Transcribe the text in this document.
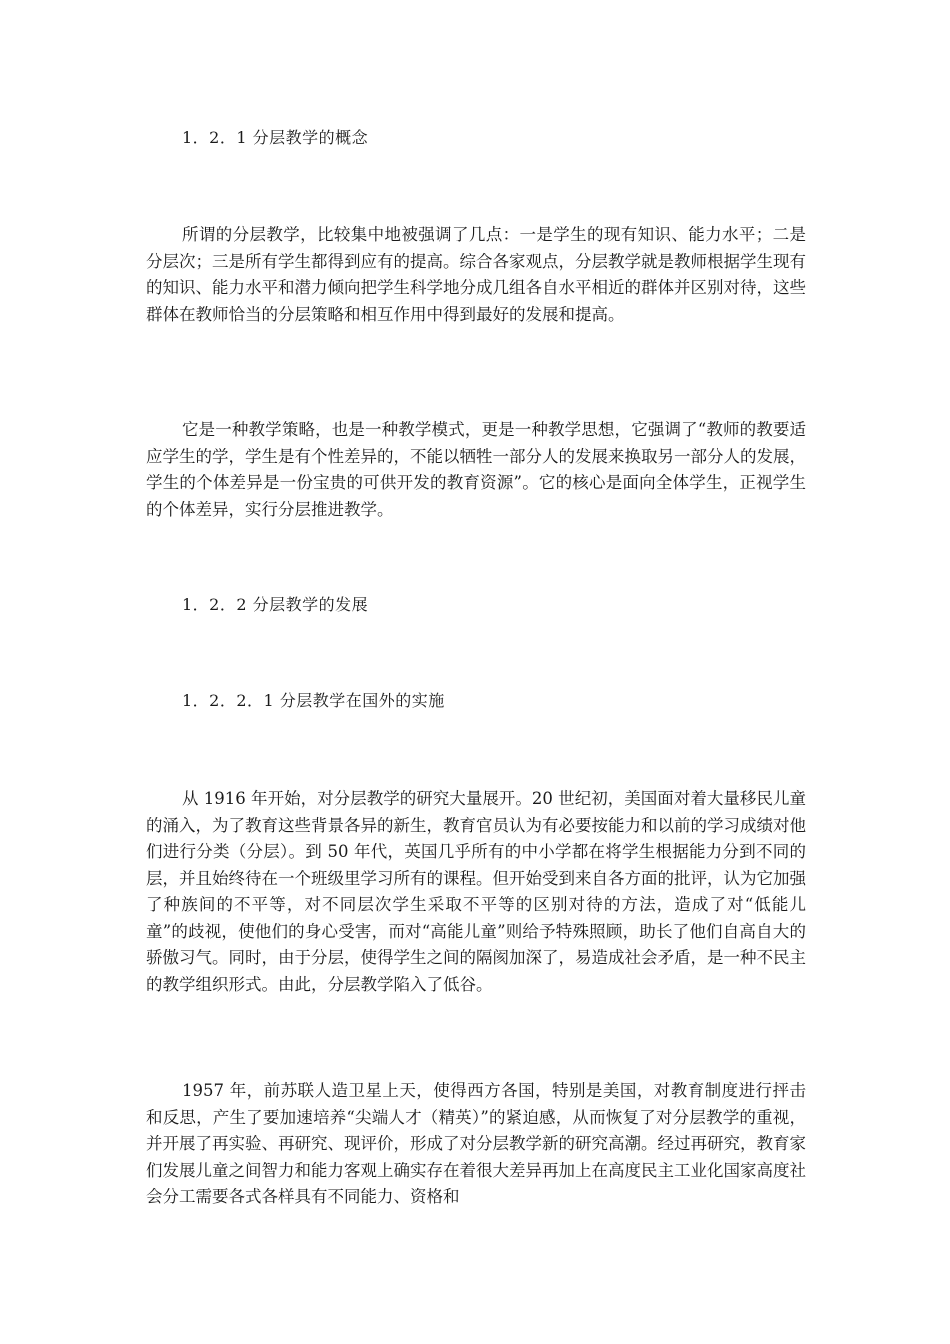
1．2．1 分层教学的概念

所谓的分层教学，比较集中地被强调了几点：一是学生的现有知识、能力水平；二是分层次；三是所有学生都得到应有的提高。综合各家观点，分层教学就是教师根据学生现有的知识、能力水平和潜力倾向把学生科学地分成几组各自水平相近的群体并区别对待，这些群体在教师恰当的分层策略和相互作用中得到最好的发展和提高。

它是一种教学策略，也是一种教学模式，更是一种教学思想，它强调了“教师的教要适应学生的学，学生是有个性差异的，不能以牺牲一部分人的发展来换取另一部分人的发展，学生的个体差异是一份宝贵的可供开发的教育资源”。它的核心是面向全体学生，正视学生的个体差异，实行分层推进教学。

1．2．2 分层教学的发展
1．2．2．1 分层教学在国外的实施

从 1916 年开始，对分层教学的研究大量展开。20 世纪初，美国面对着大量移民儿童的涌入，为了教育这些背景各异的新生，教育官员认为有必要按能力和以前的学习成绩对他们进行分类（分层）。到 50 年代，英国几乎所有的中小学都在将学生根据能力分到不同的层，并且始终待在一个班级里学习所有的课程。但开始受到来自各方面的批评，认为它加强了种族间的不平等，对不同层次学生采取不平等的区别对待的方法，造成了对“低能儿童”的歧视，使他们的身心受害，而对“高能儿童”则给予特殊照顾，助长了他们自高自大的骄傲习气。同时，由于分层，使得学生之间的隔阂加深了，易造成社会矛盾，是一种不民主的教学组织形式。由此，分层教学陷入了低谷。

1957 年，前苏联人造卫星上天，使得西方各国，特别是美国，对教育制度进行抨击和反思，产生了要加速培养“尖端人才（精英）”的紧迫感，从而恢复了对分层教学的重视，并开展了再实验、再研究、现评价，形成了对分层教学新的研究高潮。经过再研究，教育家们发展儿童之间智力和能力客观上确实存在着很大差异再加上在高度民主工业化国家高度社会分工需要各式各样具有不同能力、资格和
